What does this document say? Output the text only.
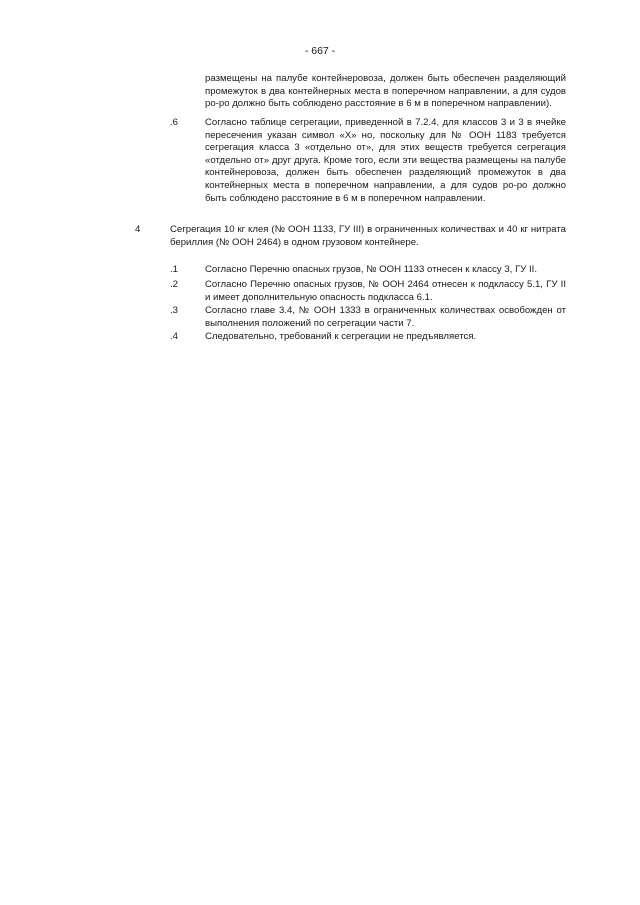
- 667 -
размещены на палубе контейнеровоза, должен быть обеспечен разделяющий промежуток в два контейнерных места в поперечном направлении, а для судов ро-ро должно быть соблюдено расстояние в 6 м в поперечном направлении).
.6	Согласно таблице сегрегации, приведенной в 7.2.4, для классов 3 и 3 в ячейке пересечения указан символ «X» но, поскольку для № ООН 1183 требуется сегрегация класса 3 «отдельно от», для этих веществ требуется сегрегация «отдельно от» друг друга. Кроме того, если эти вещества размещены на палубе контейнеровоза, должен быть обеспечен разделяющий промежуток в два контейнерных места в поперечном направлении, а для судов ро-ро должно быть соблюдено расстояние в 6 м в поперечном направлении.
4	Сегрегация 10 кг клея (№ ООН 1133, ГУ III) в ограниченных количествах и 40 кг нитрата бериллия (№ ООН 2464) в одном грузовом контейнере.
.1	Согласно Перечню опасных грузов, № ООН 1133 отнесен к классу 3, ГУ II.
.2	Согласно Перечню опасных грузов, № ООН 2464 отнесен к подклассу 5.1, ГУ II и имеет дополнительную опасность подкласса 6.1.
.3	Согласно главе 3.4, № ООН 1333 в ограниченных количествах освобожден от выполнения положений по сегрегации части 7.
.4	Следовательно, требований к сегрегации не предъявляется.
